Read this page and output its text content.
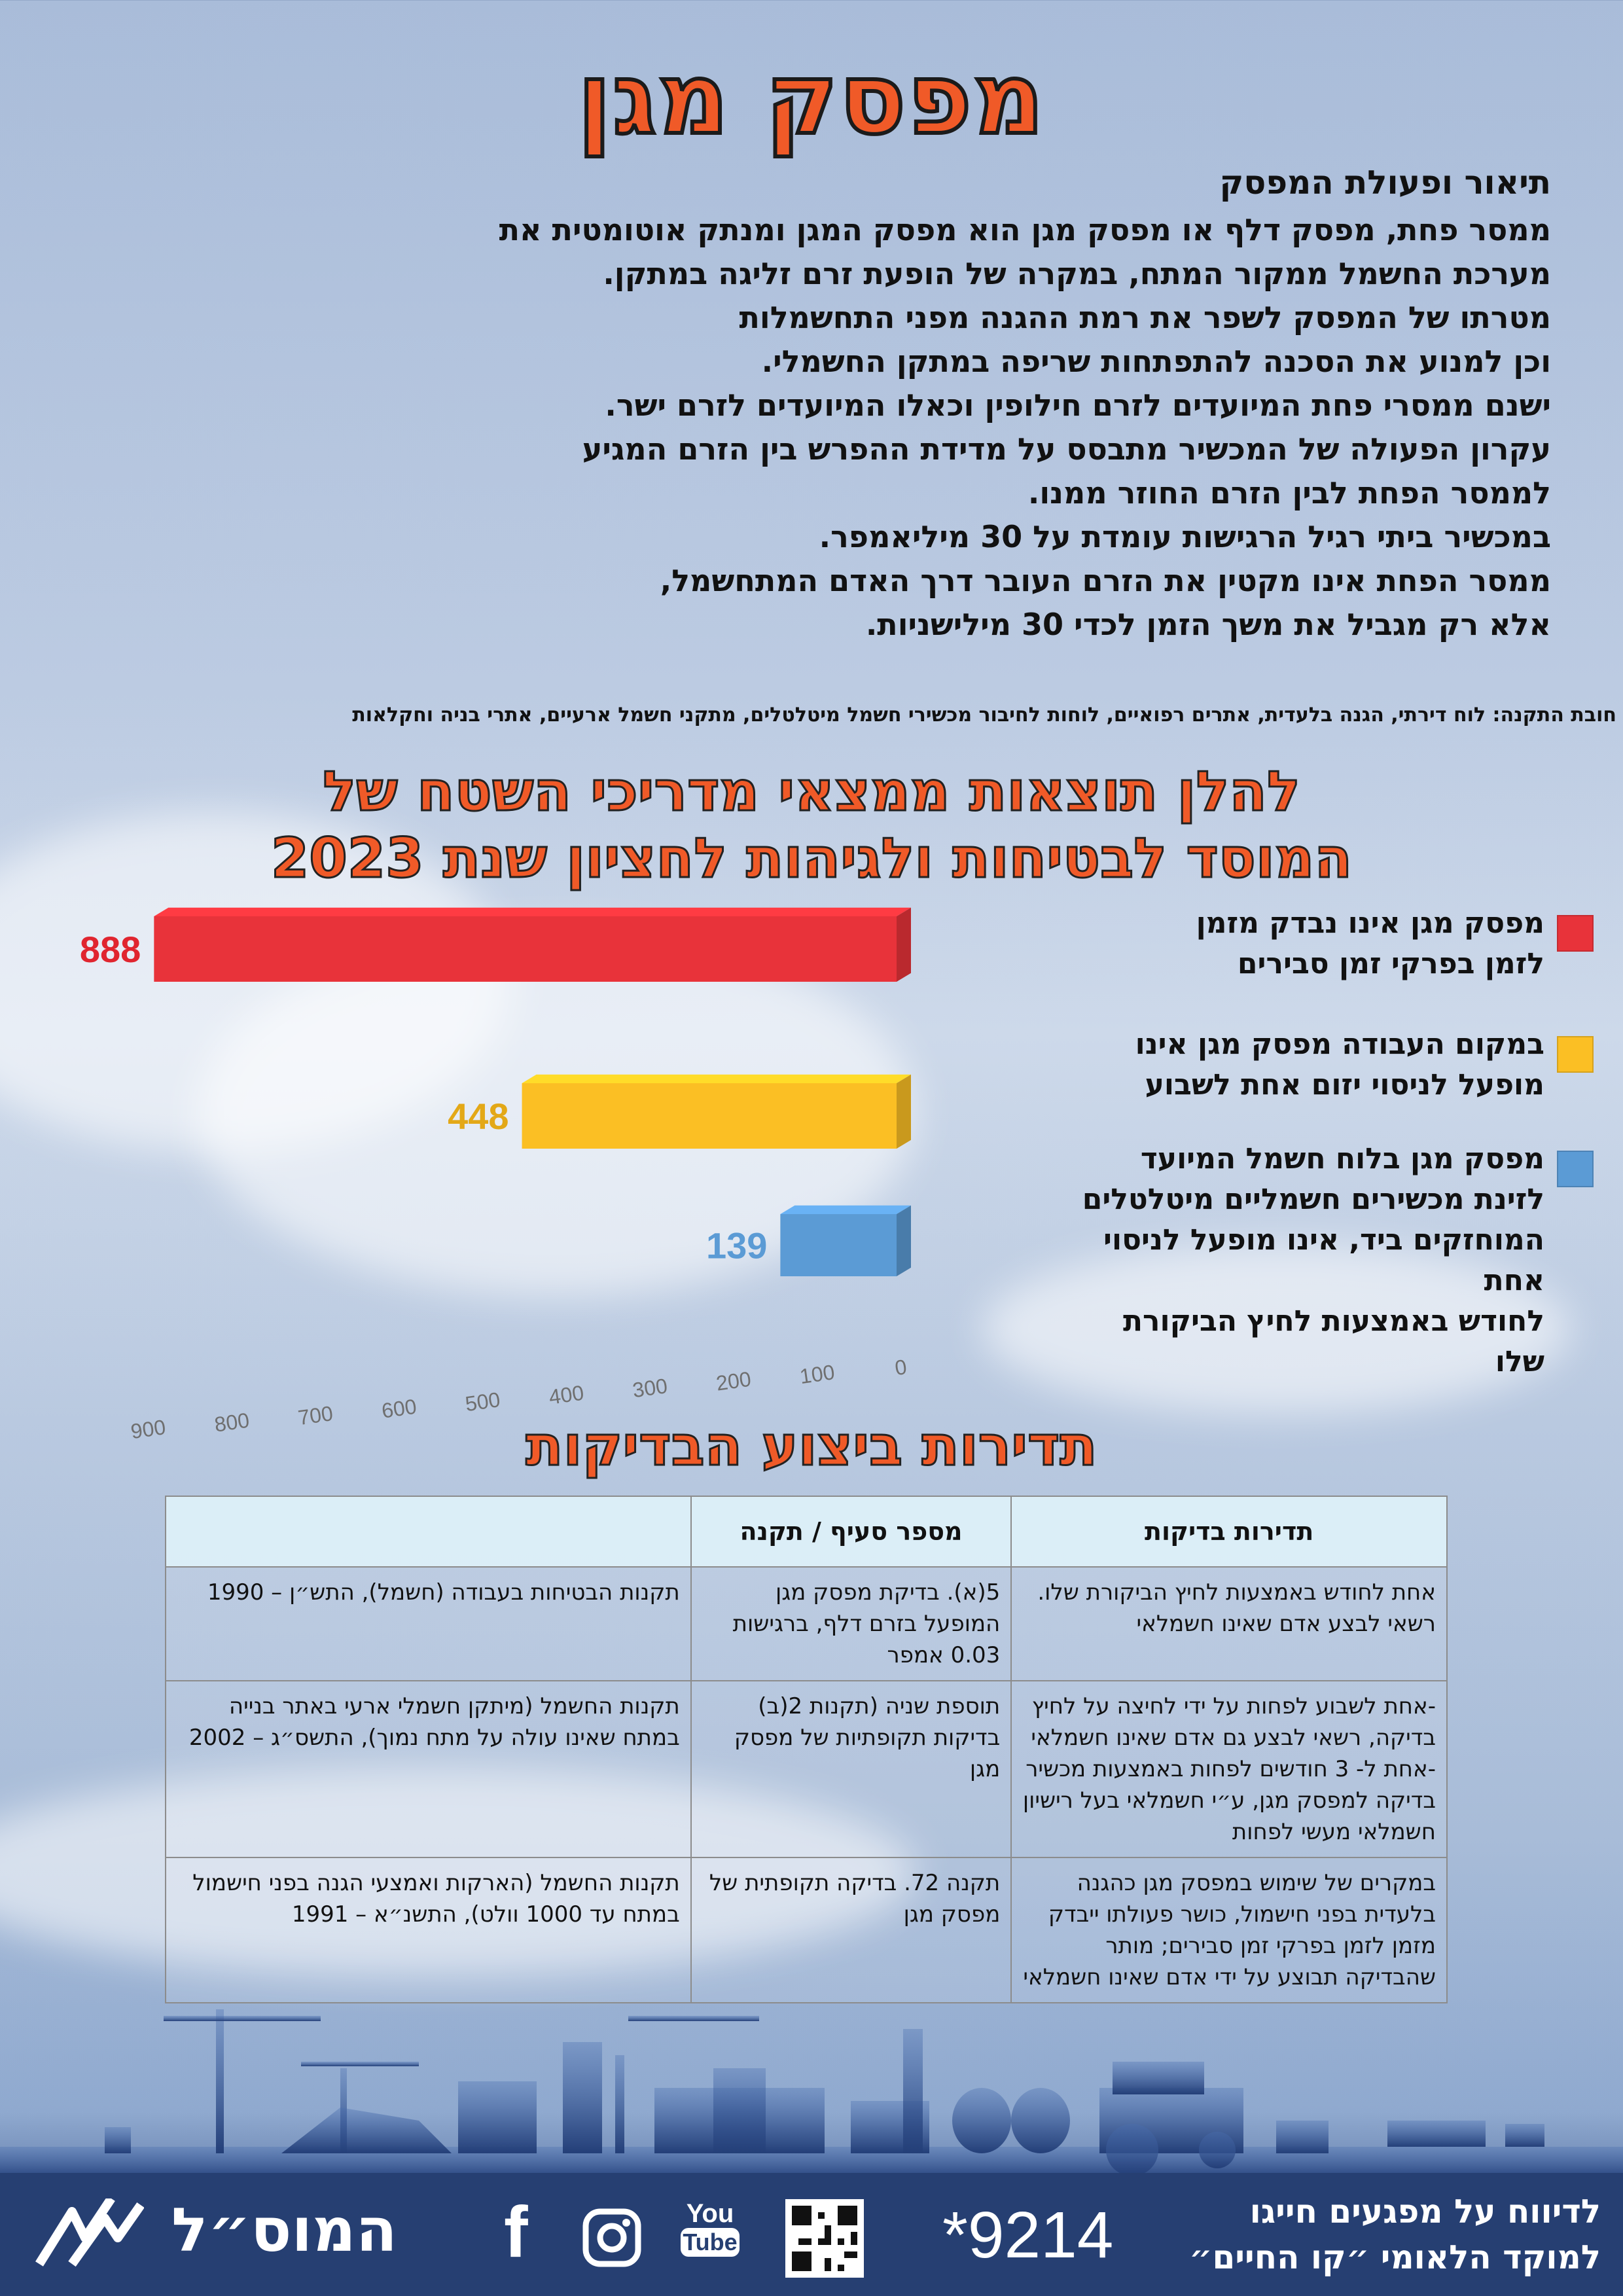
מפסק מגן
תיאור ופעולת המפסק
ממסר פחת, מפסק דלף או מפסק מגן הוא מפסק המגן ומנתק אוטומטית את
מערכת החשמל ממקור המתח, במקרה של הופעת זרם זליגה במתקן.
מטרתו של המפסק לשפר את רמת ההגנה מפני התחשמלות
וכן למנוע את הסכנה להתפתחות שריפה במתקן החשמלי.
ישנם ממסרי פחת המיועדים לזרם חילופין וכאלו המיועדים לזרם ישר.
עקרון הפעולה של המכשיר מתבסס על מדידת ההפרש בין הזרם המגיע
לממסר הפחת לבין הזרם החוזר ממנו.
במכשיר ביתי רגיל הרגישות עומדת על 30 מיליאמפר.
ממסר הפחת אינו מקטין את הזרם העובר דרך האדם המתחשמל,
אלא רק מגביל את משך הזמן לכדי 30 מילישניות.
חובת התקנה: לוח דירתי, הגנה בלעדית, אתרים רפואיים, לוחות לחיבור מכשירי חשמל מיטלטלים, מתקני חשמל ארעיים, אתרי בניה וחקלאות
להלן תוצאות ממצאי מדריכי השטח של
המוסד לבטיחות ולגיהות לחציון שנת 2023
888
448
139
0
100
200
300
400
500
600
700
800
900
מפסק מגן אינו נבדק מזמן
לזמן בפרקי זמן סבירים
במקום העבודה מפסק מגן אינו
מופעל לניסוי יזום אחת לשבוע
מפסק מגן בלוח חשמל המיועד
לזינת מכשירים חשמליים מיטלטלים
המוחזקים ביד, אינו מופעל לניסוי אחת
לחודש באמצעות לחיץ הביקורת שלו
תדירות ביצוע הבדיקות
תדירות בדיקות	מספר סעיף / תקנה	
אחת לחודש באמצעות לחיץ הביקורת שלו. רשאי לבצע אדם שאינו חשמלאי	5(א). בדיקת מפסק מגן המופעל בזרם דלף, ברגישות 0.03 אמפר	תקנות הבטיחות בעבודה (חשמל), התש״ן – 1990
-אחת לשבוע לפחות על ידי לחיצה על לחיץ בדיקה, רשאי לבצע גם אדם שאינו חשמלאי -אחת ל- 3 חודשים לפחות באמצעות מכשיר בדיקה למפסק מגן, ע״י חשמלאי בעל רישיון חשמלאי מעשי לפחות	תוספת שניה (תקנות 2(ב) בדיקות תקופתיות של מפסק מגן	תקנות החשמל (מיתקן חשמלי ארעי באתר בנייה במתח שאינו עולה על מתח נמוך), התשס״ג – 2002
במקרים של שימוש במפסק מגן כהגנה בלעדית בפני חישמול, כושר פעולתו ייבדק מזמן לזמן בפרקי זמן סבירים; מותר שהבדיקה תבוצע על ידי אדם שאינו חשמלאי	תקנה 72. בדיקה תקופתית של מפסק מגן	תקנות החשמל (הארקות ואמצעי הגנה בפני חישמול במתח עד 1000 וולט), התשנ״א – 1991
לדיווח על מפגעים חייגו
למוקד הלאומי ״קו החיים״
*9214
You
Tube
f
המוס״ל
